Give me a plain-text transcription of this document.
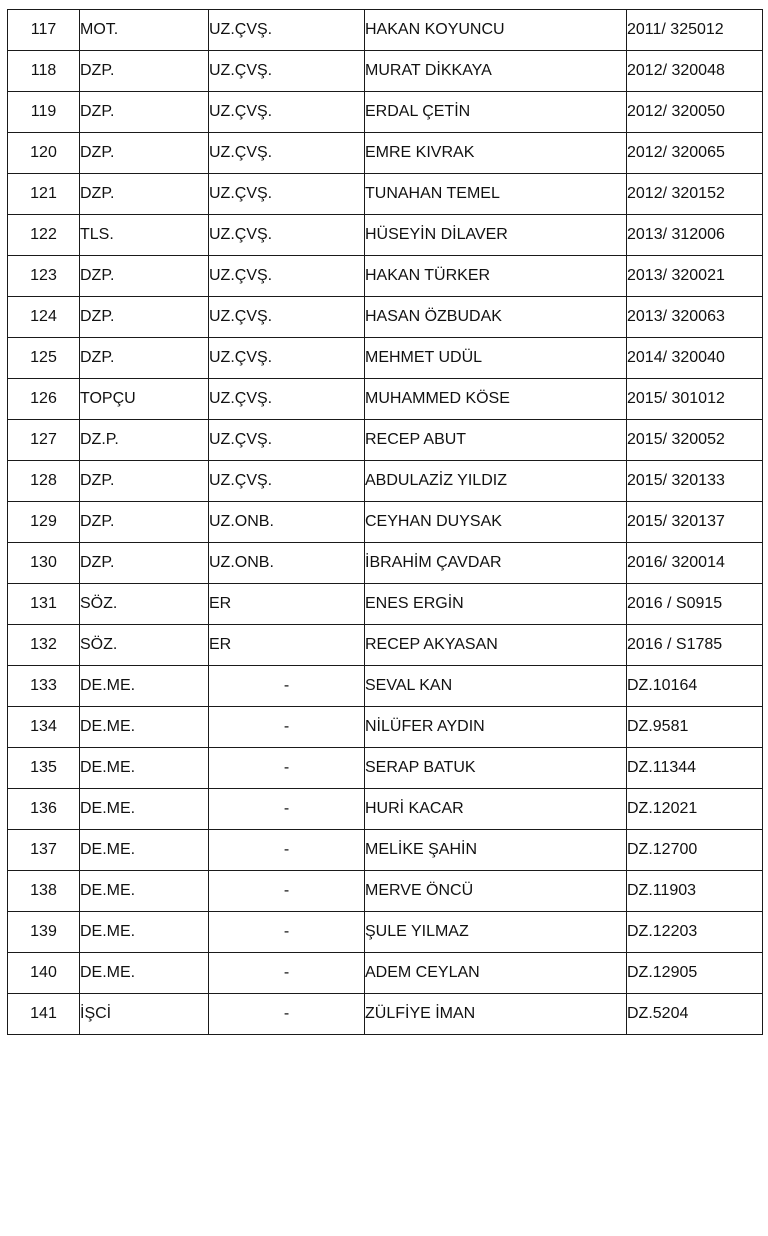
117	MOT.	UZ.ÇVŞ.	HAKAN KOYUNCU	2011/ 325012
118	DZP.	UZ.ÇVŞ.	MURAT DİKKAYA	2012/ 320048
119	DZP.	UZ.ÇVŞ.	ERDAL ÇETİN	2012/ 320050
120	DZP.	UZ.ÇVŞ.	EMRE KIVRAK	2012/ 320065
121	DZP.	UZ.ÇVŞ.	TUNAHAN TEMEL	2012/ 320152
122	TLS.	UZ.ÇVŞ.	HÜSEYİN DİLAVER	2013/ 312006
123	DZP.	UZ.ÇVŞ.	HAKAN TÜRKER	2013/ 320021
124	DZP.	UZ.ÇVŞ.	HASAN ÖZBUDAK	2013/ 320063
125	DZP.	UZ.ÇVŞ.	MEHMET UDÜL	2014/ 320040
126	TOPÇU	UZ.ÇVŞ.	MUHAMMED KÖSE	2015/ 301012
127	DZ.P.	UZ.ÇVŞ.	RECEP ABUT	2015/ 320052
128	DZP.	UZ.ÇVŞ.	ABDULAZİZ YILDIZ	2015/ 320133
129	DZP.	UZ.ONB.	CEYHAN DUYSAK	2015/ 320137
130	DZP.	UZ.ONB.	İBRAHİM ÇAVDAR	2016/ 320014
131	SÖZ.	ER	ENES ERGİN	2016 / S0915
132	SÖZ.	ER	RECEP AKYASAN	2016 / S1785
133	DE.ME.	-	SEVAL KAN	DZ.10164
134	DE.ME.	-	NİLÜFER AYDIN	DZ.9581
135	DE.ME.	-	SERAP BATUK	DZ.11344
136	DE.ME.	-	HURİ KACAR	DZ.12021
137	DE.ME.	-	MELİKE ŞAHİN	DZ.12700
138	DE.ME.	-	MERVE ÖNCÜ	DZ.11903
139	DE.ME.	-	ŞULE YILMAZ	DZ.12203
140	DE.ME.	-	ADEM CEYLAN	DZ.12905
141	İŞCİ	-	ZÜLFİYE İMAN	DZ.5204
